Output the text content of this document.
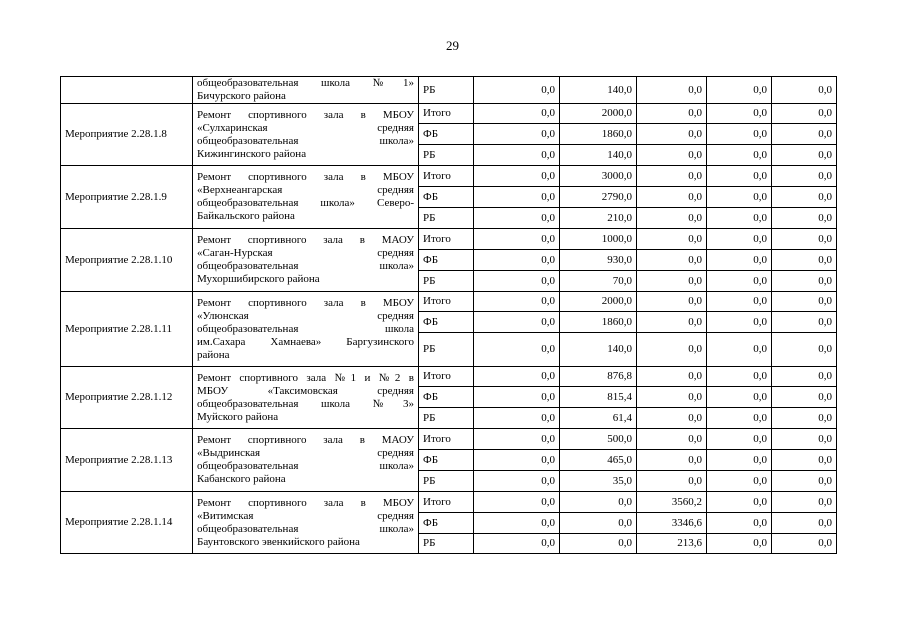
29

	общеобразовательная школа №1»
Бичурского района	РБ	0,0	140,0	0,0	0,0	0,0
Мероприятие 2.28.1.8	Ремонт спортивного зала в МБОУ
«Сулхаринская средняя
общеобразовательная школа»
Кижингинского района	Итого	0,0	2000,0	0,0	0,0	0,0
		ФБ	0,0	1860,0	0,0	0,0	0,0
		РБ	0,0	140,0	0,0	0,0	0,0
Мероприятие 2.28.1.9	Ремонт спортивного зала в МБОУ
«Верхнеангарская средняя
общеобразовательная школа» Северо-
Байкальского района	Итого	0,0	3000,0	0,0	0,0	0,0
		ФБ	0,0	2790,0	0,0	0,0	0,0
		РБ	0,0	210,0	0,0	0,0	0,0
Мероприятие 2.28.1.10	Ремонт спортивного зала в МАОУ
«Саган-Нурская средняя
общеобразовательная школа»
Мухоршибирского района	Итого	0,0	1000,0	0,0	0,0	0,0
		ФБ	0,0	930,0	0,0	0,0	0,0
		РБ	0,0	70,0	0,0	0,0	0,0
Мероприятие 2.28.1.11	Ремонт спортивного зала в МБОУ
«Улюнская средняя
общеобразовательная школа
им.Сахара Хамнаева» Баргузинского
района	Итого	0,0	2000,0	0,0	0,0	0,0
		ФБ	0,0	1860,0	0,0	0,0	0,0
		РБ	0,0	140,0	0,0	0,0	0,0
Мероприятие 2.28.1.12	Ремонт спортивного зала №1 и №2 в
МБОУ «Таксимовская средняя
общеобразовательная школа №3»
Муйского района	Итого	0,0	876,8	0,0	0,0	0,0
		ФБ	0,0	815,4	0,0	0,0	0,0
		РБ	0,0	61,4	0,0	0,0	0,0
Мероприятие 2.28.1.13	Ремонт спортивного зала в МАОУ
«Выдринская средняя
общеобразовательная школа»
Кабанского района	Итого	0,0	500,0	0,0	0,0	0,0
		ФБ	0,0	465,0	0,0	0,0	0,0
		РБ	0,0	35,0	0,0	0,0	0,0
Мероприятие 2.28.1.14	Ремонт спортивного зала в МБОУ
«Витимская средняя
общеобразовательная школа»
Баунтовского эвенкийского района	Итого	0,0	0,0	3560,2	0,0	0,0
		ФБ	0,0	0,0	3346,6	0,0	0,0
		РБ	0,0	0,0	213,6	0,0	0,0
